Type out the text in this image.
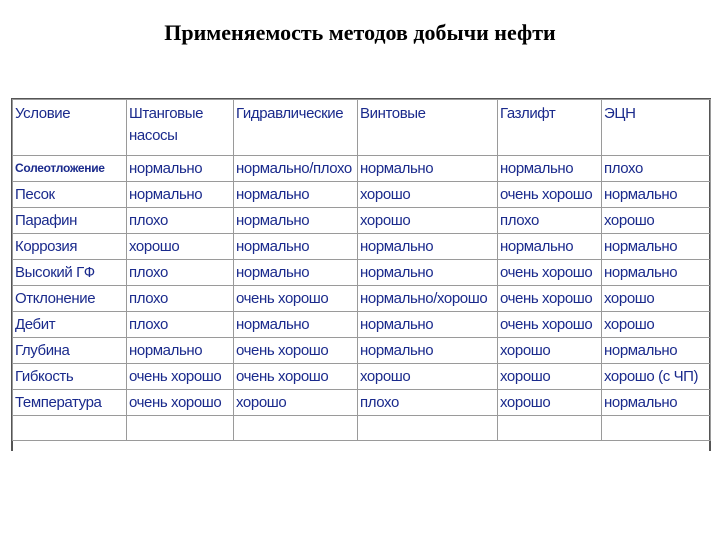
Применяемость методов добычи нефти
Условие	Штанговые насосы	Гидравлические	Винтовые	Газлифт	ЭЦН

Солеотложение	нормально	нормально/плохо	нормально	нормально	плохо
Песок	нормально	нормально	хорошо	очень хорошо	нормально
Парафин	плохо	нормально	хорошо	плохо	хорошо
Коррозия	хорошо	нормально	нормально	нормально	нормально
Высокий ГФ	плохо	нормально	нормально	очень хорошо	нормально
Отклонение	плохо	очень хорошо	нормально/хорошо	очень хорошо	хорошо
Дебит	плохо	нормально	нормально	очень хорошо	хорошо
Глубина	нормально	очень хорошо	нормально	хорошо	нормально
Гибкость	очень хорошо	очень хорошо	хорошо	хорошо	хорошо (с ЧП)
Температура	очень хорошо	хорошо	плохо	хорошо	нормально
